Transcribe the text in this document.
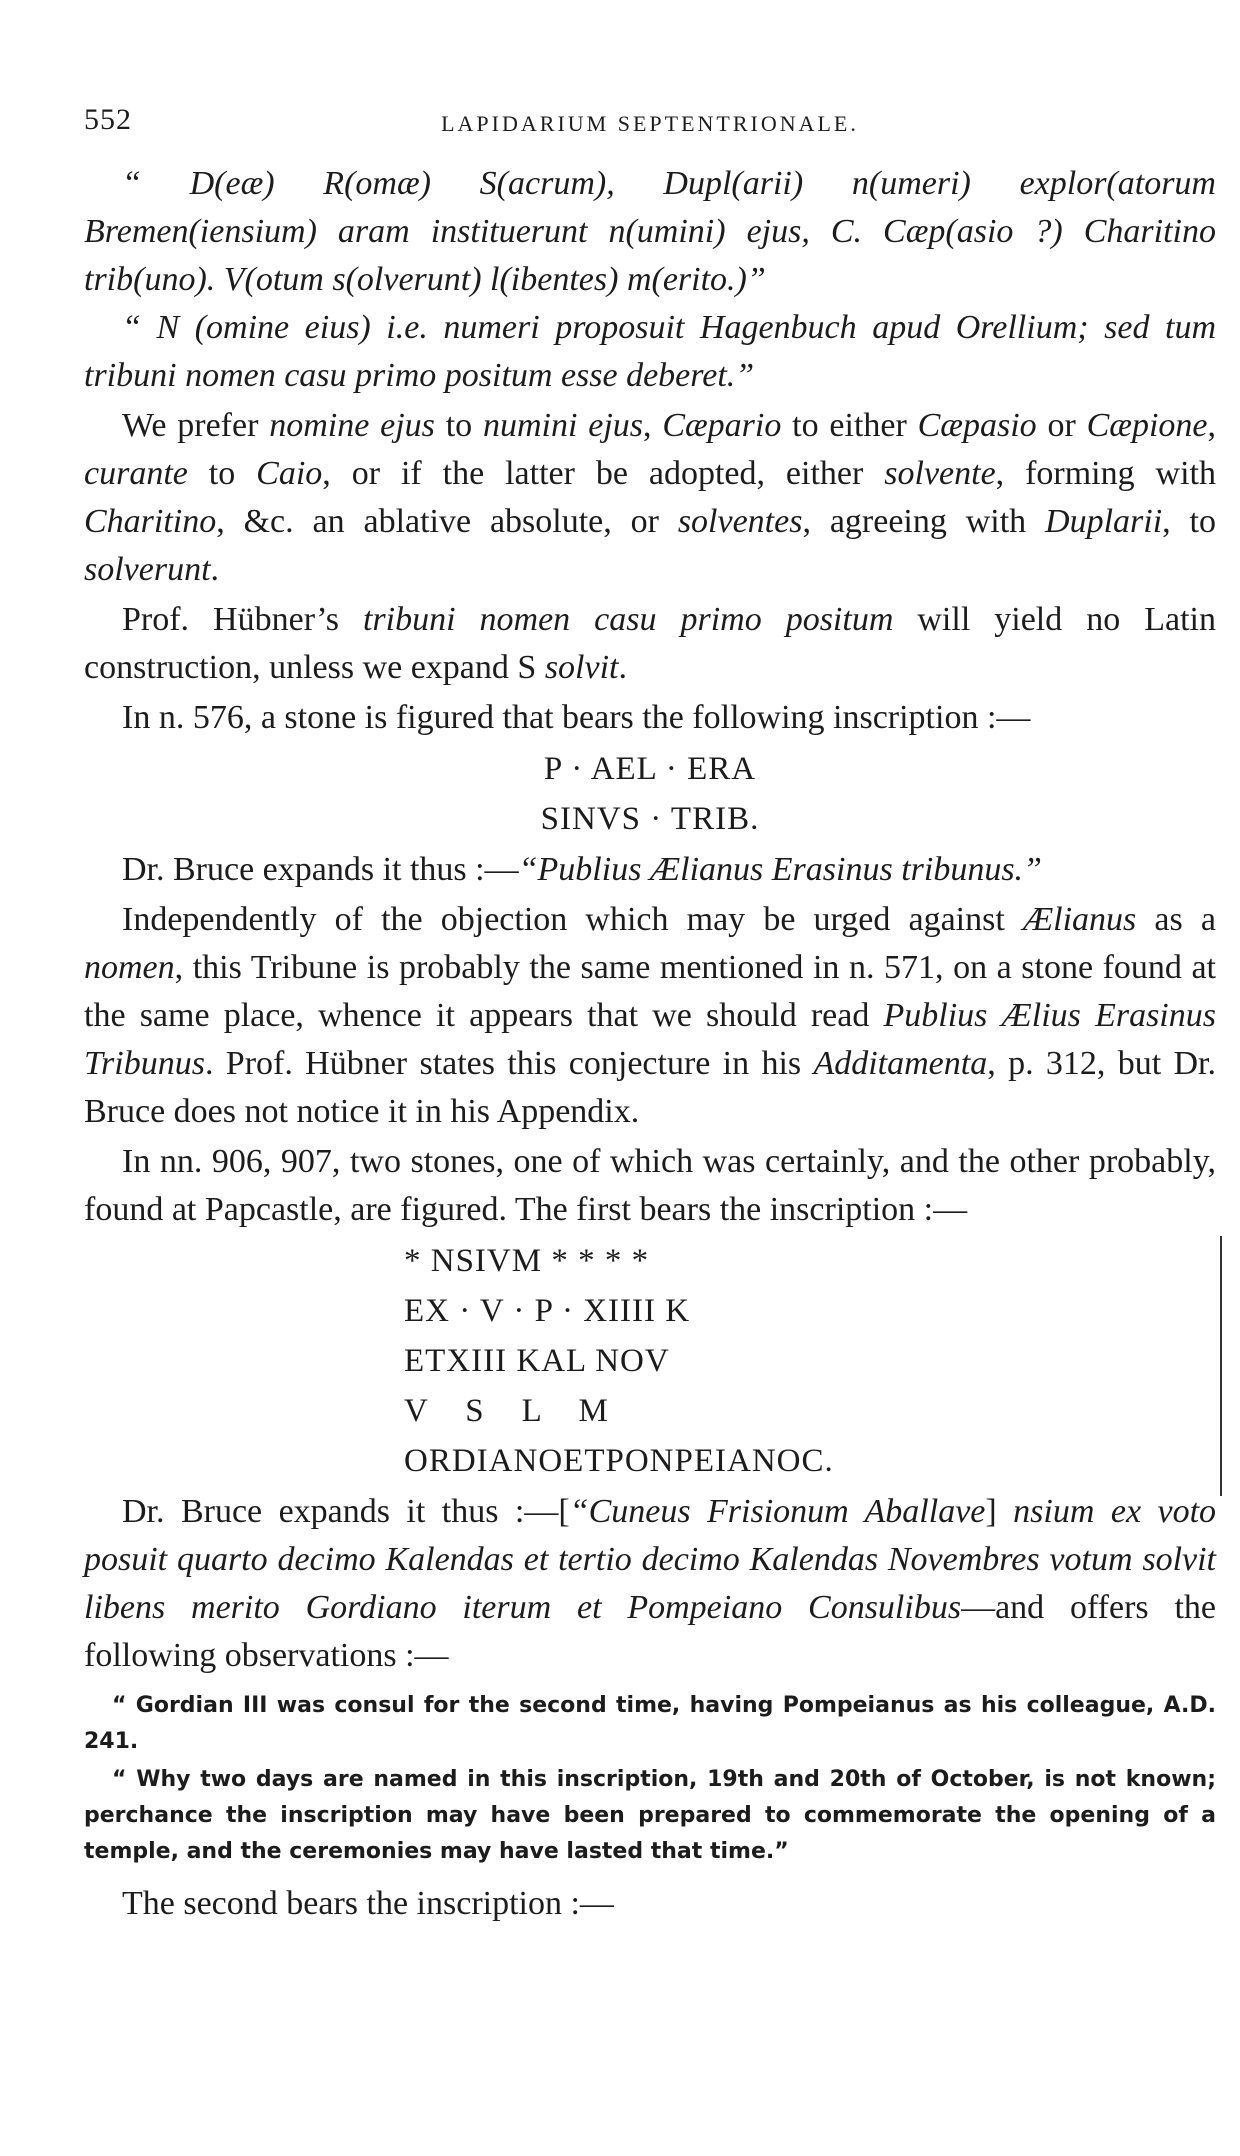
552	LAPIDARIUM SEPTENTRIONALE.

“ D(eæ) R(omæ) S(acrum), Dupl(arii) n(umeri) explor(atorum Bremen(iensium) aram instituerunt n(umini) ejus, C. Cæp(asio ?) Charitino trib(uno). V(otum s(olverunt) l(ibentes) m(erito.)”

“ N (omine eius) i.e. numeri proposuit Hagenbuch apud Orellium; sed tum tribuni nomen casu primo positum esse deberet.”

We prefer nomine ejus to numini ejus, Cæpario to either Cæpasio or Cæpione, curante to Caio, or if the latter be adopted, either solvente, forming with Charitino, &c. an ablative absolute, or solventes, agreeing with Duplarii, to solverunt.

Prof. Hübner’s tribuni nomen casu primo positum will yield no Latin construction, unless we expand S solvit.

In n. 576, a stone is figured that bears the following inscription :—

P · AEL · ERA
SINVS · TRIB.

Dr. Bruce expands it thus :—“Publius Ælianus Erasinus tribunus.”

Independently of the objection which may be urged against Ælianus as a nomen, this Tribune is probably the same mentioned in n. 571, on a stone found at the same place, whence it appears that we should read Publius Ælius Erasinus Tribunus. Prof. Hübner states this conjecture in his Additamenta, p. 312, but Dr. Bruce does not notice it in his Appendix.

In nn. 906, 907, two stones, one of which was certainly, and the other probably, found at Papcastle, are figured. The first bears the inscription :—

* NSIVM * * * *
EX · V · P · XIIII K
ETXIII KAL NOV
V    S    L    M
ORDIANOETPONPEIANOC.

Dr. Bruce expands it thus :—[“Cuneus Frisionum Aballave] nsium ex voto posuit quarto decimo Kalendas et tertio decimo Kalendas Novembres votum solvit libens merito Gordiano iterum et Pompeiano Consulibus—and offers the following observations :—

“ Gordian III was consul for the second time, having Pompeianus as his colleague, A.D. 241.

“ Why two days are named in this inscription, 19th and 20th of October, is not known; perchance the inscription may have been prepared to commemorate the opening of a temple, and the ceremonies may have lasted that time.”

The second bears the inscription :—
